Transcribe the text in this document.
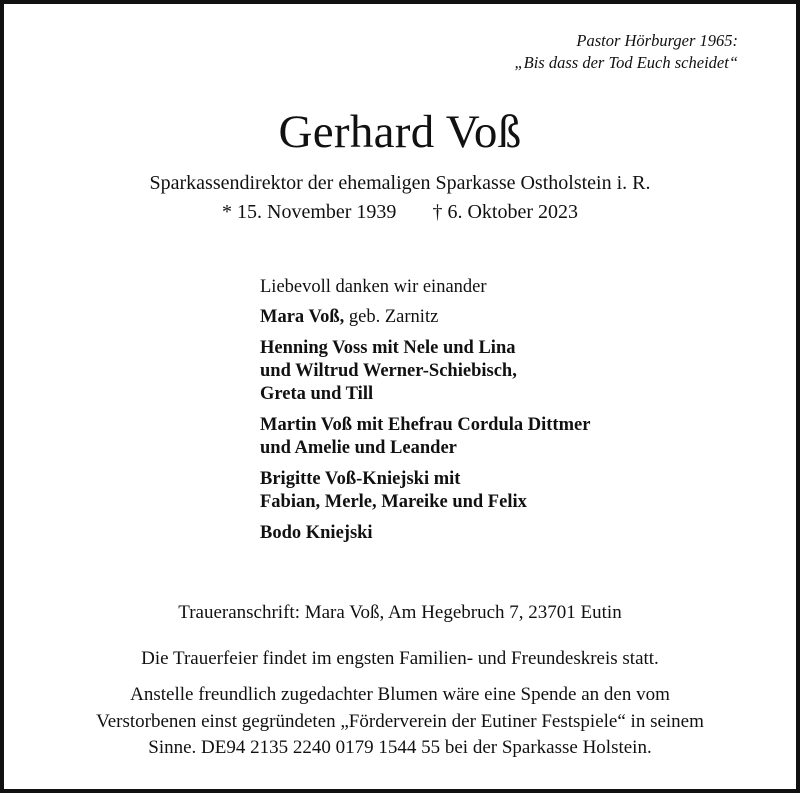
Pastor Hörburger 1965:
„Bis dass der Tod Euch scheidet“
Gerhard Voß
Sparkassendirektor der ehemaligen Sparkasse Ostholstein i. R.
* 15. November 1939 † 6. Oktober 2023
Liebevoll danken wir einander
Mara Voß, geb. Zarnitz
Henning Voss mit Nele und Lina
und Wiltrud Werner-Schiebisch,
Greta und Till
Martin Voß mit Ehefrau Cordula Dittmer
und Amelie und Leander
Brigitte Voß-Kniejski mit
Fabian, Merle, Mareike und Felix
Bodo Kniejski
Traueranschrift: Mara Voß, Am Hegebruch 7, 23701 Eutin
Die Trauerfeier findet im engsten Familien- und Freundeskreis statt.
Anstelle freundlich zugedachter Blumen wäre eine Spende an den vom
Verstorbenen einst gegründeten „Förderverein der Eutiner Festspiele“ in seinem
Sinne. DE94 2135 2240 0179 1544 55 bei der Sparkasse Holstein.
